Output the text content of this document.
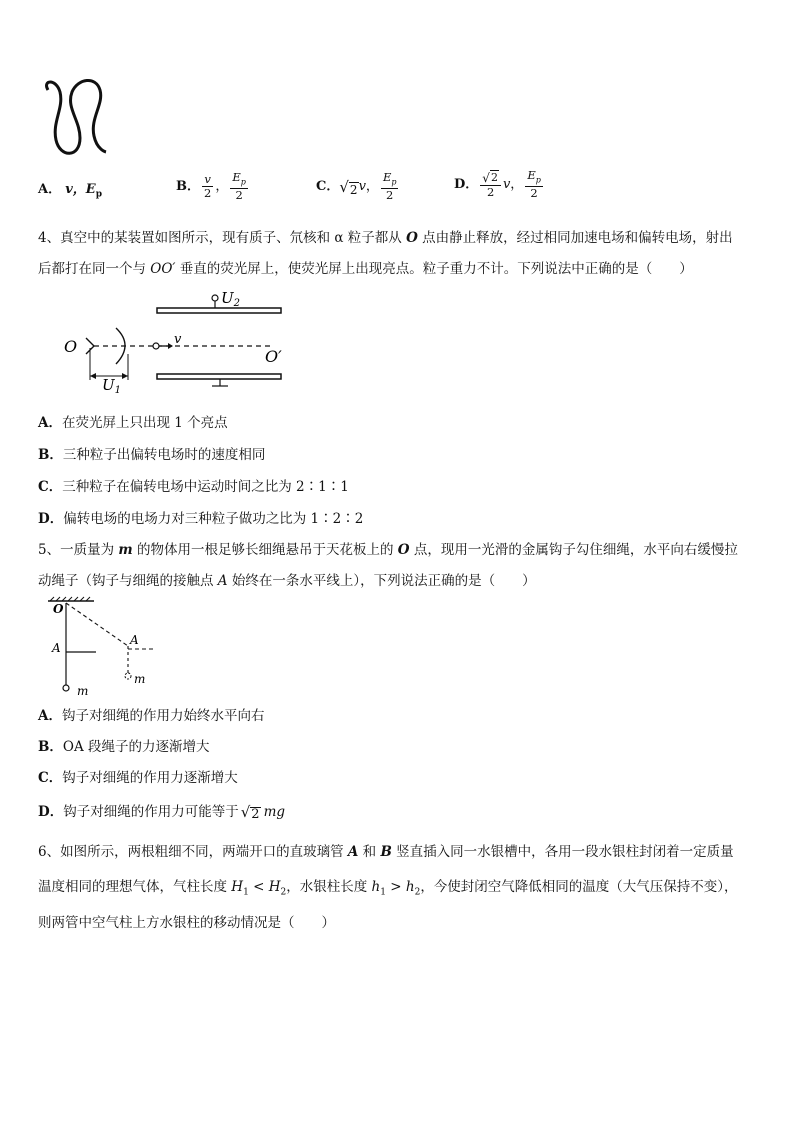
A． v，$E_p$
B． $\frac{v}{2}$ ， $\frac{E_p}{2}$	C． √ 2 v ， $\frac{E_p}{2}$	D． $\frac{√ 2}{2}$ v ， $\frac{E_p}{2}$
4、真空中的某装置如图所示，现有质子、氘核和 α 粒子都从 O 点由静止释放，经过相同加速电场和偏转电场，射出
后都打在同一个与 OO′ 垂直的荧光屏上，使荧光屏上出现亮点。粒子重力不计。下列说法中正确的是（　　）
$U_2$
O	v
O′
$U_1$
A．在荧光屏上只出现 1 个亮点
B．三种粒子出偏转电场时的速度相同
C．三种粒子在偏转电场中运动时间之比为 2∶1∶1
D．偏转电场的电场力对三种粒子做功之比为 1∶2∶2
5、一质量为 m 的物体用一根足够长细绳悬吊于天花板上的 O 点，现用一光滑的金属钩子勾住细绳，水平向右缓慢拉
动绳子（钩子与细绳的接触点 A 始终在一条水平线上），下列说法正确的是（　　）
O
A
m
A
m
A．钩子对细绳的作用力始终水平向右
B．OA 段绳子的力逐渐增大
C．钩子对细绳的作用力逐渐增大
D． 钩子对细绳的作用力可能等于 √ 2 mg
6、如图所示，两根粗细不同，两端开口的直玻璃管 A 和 B 竖直插入同一水银槽中，各用一段水银柱封闭着一定质量
温度相同的理想气体，气柱长度 $H_1 < H_2$，水银柱长度 $h_1 > h_2$，今使封闭空气降低相同的温度（大气压保持不变），
则两管中空气柱上方水银柱的移动情况是（　　）
